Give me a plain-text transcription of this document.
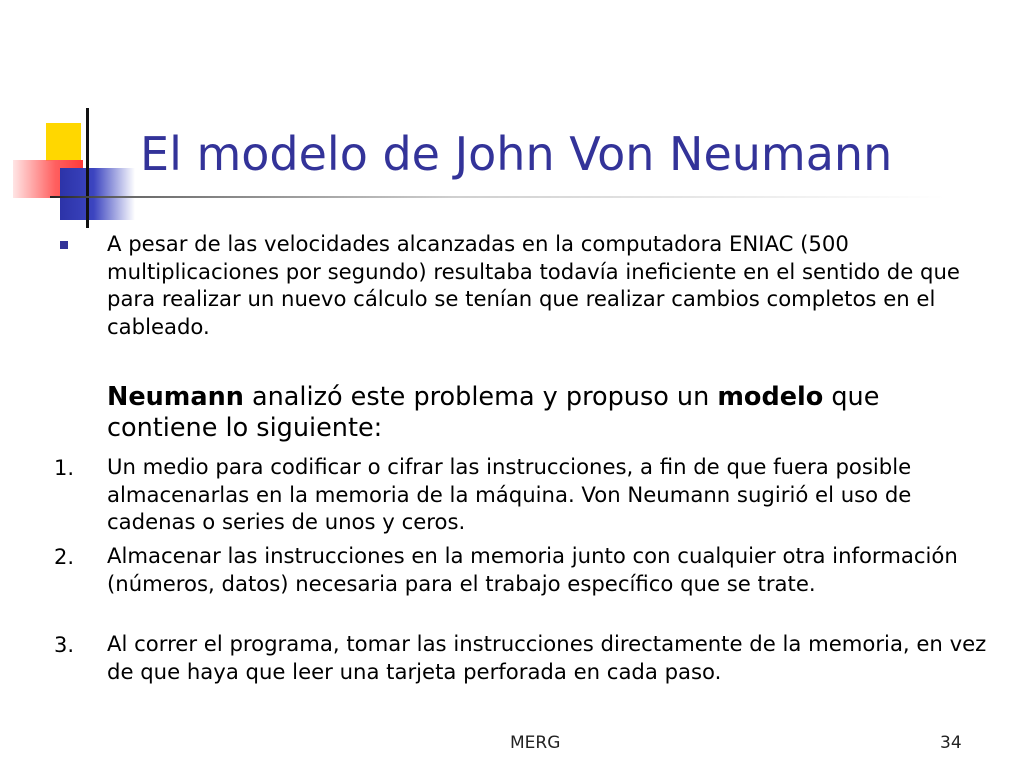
El modelo de John Von Neumann
A pesar de las velocidades alcanzadas en la computadora ENIAC (500 multiplicaciones por segundo) resultaba todavía ineficiente en el sentido de que para realizar un nuevo cálculo se tenían que realizar cambios completos en el cableado.
Neumann analizó este problema y propuso un modelo que contiene lo siguiente:
1. Un medio para codificar o cifrar las instrucciones, a fin de que fuera posible almacenarlas en la memoria de la máquina. Von Neumann sugirió el uso de cadenas o series de unos y ceros.
2. Almacenar las instrucciones en la memoria junto con cualquier otra información (números, datos) necesaria para el trabajo específico que se trate.
3. Al correr el programa, tomar las instrucciones directamente de la memoria, en vez de que haya que leer una tarjeta perforada en cada paso.
MERG	34
